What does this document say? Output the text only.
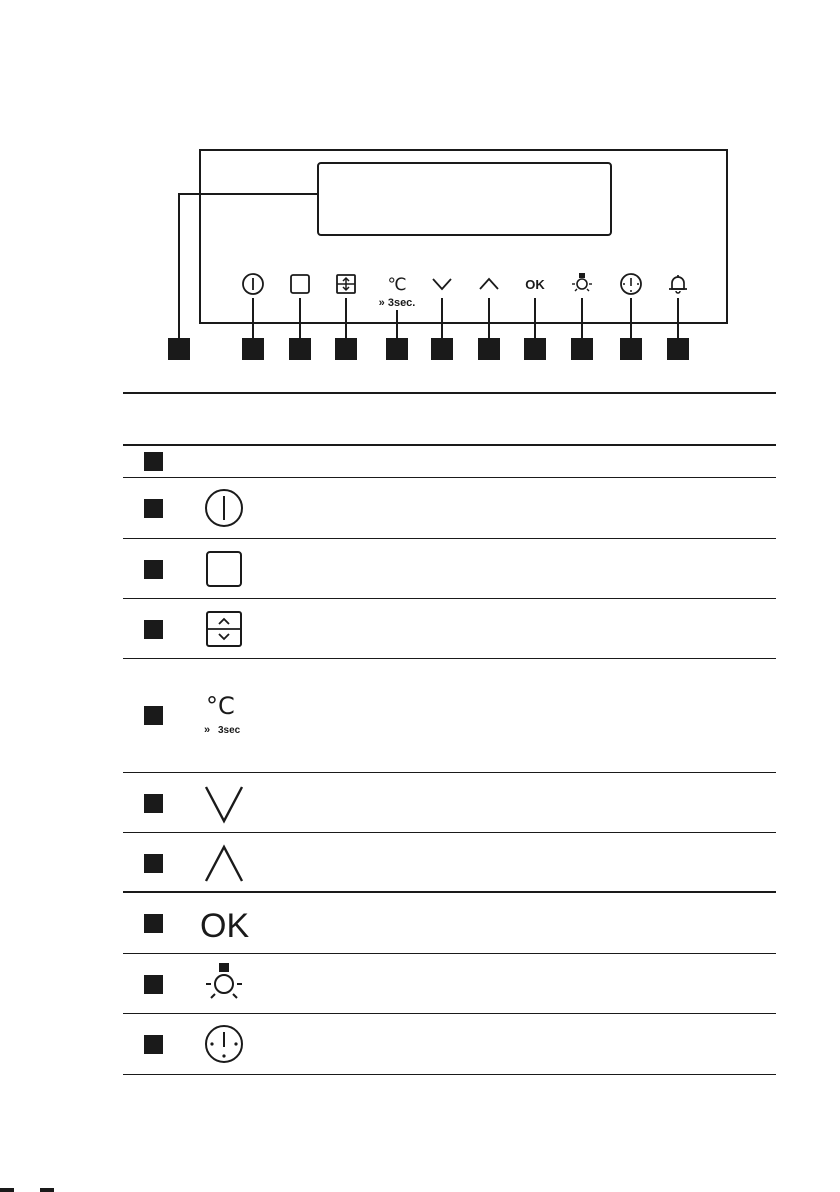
℃
» 3sec.
OK
°C
» 3sec
OK
